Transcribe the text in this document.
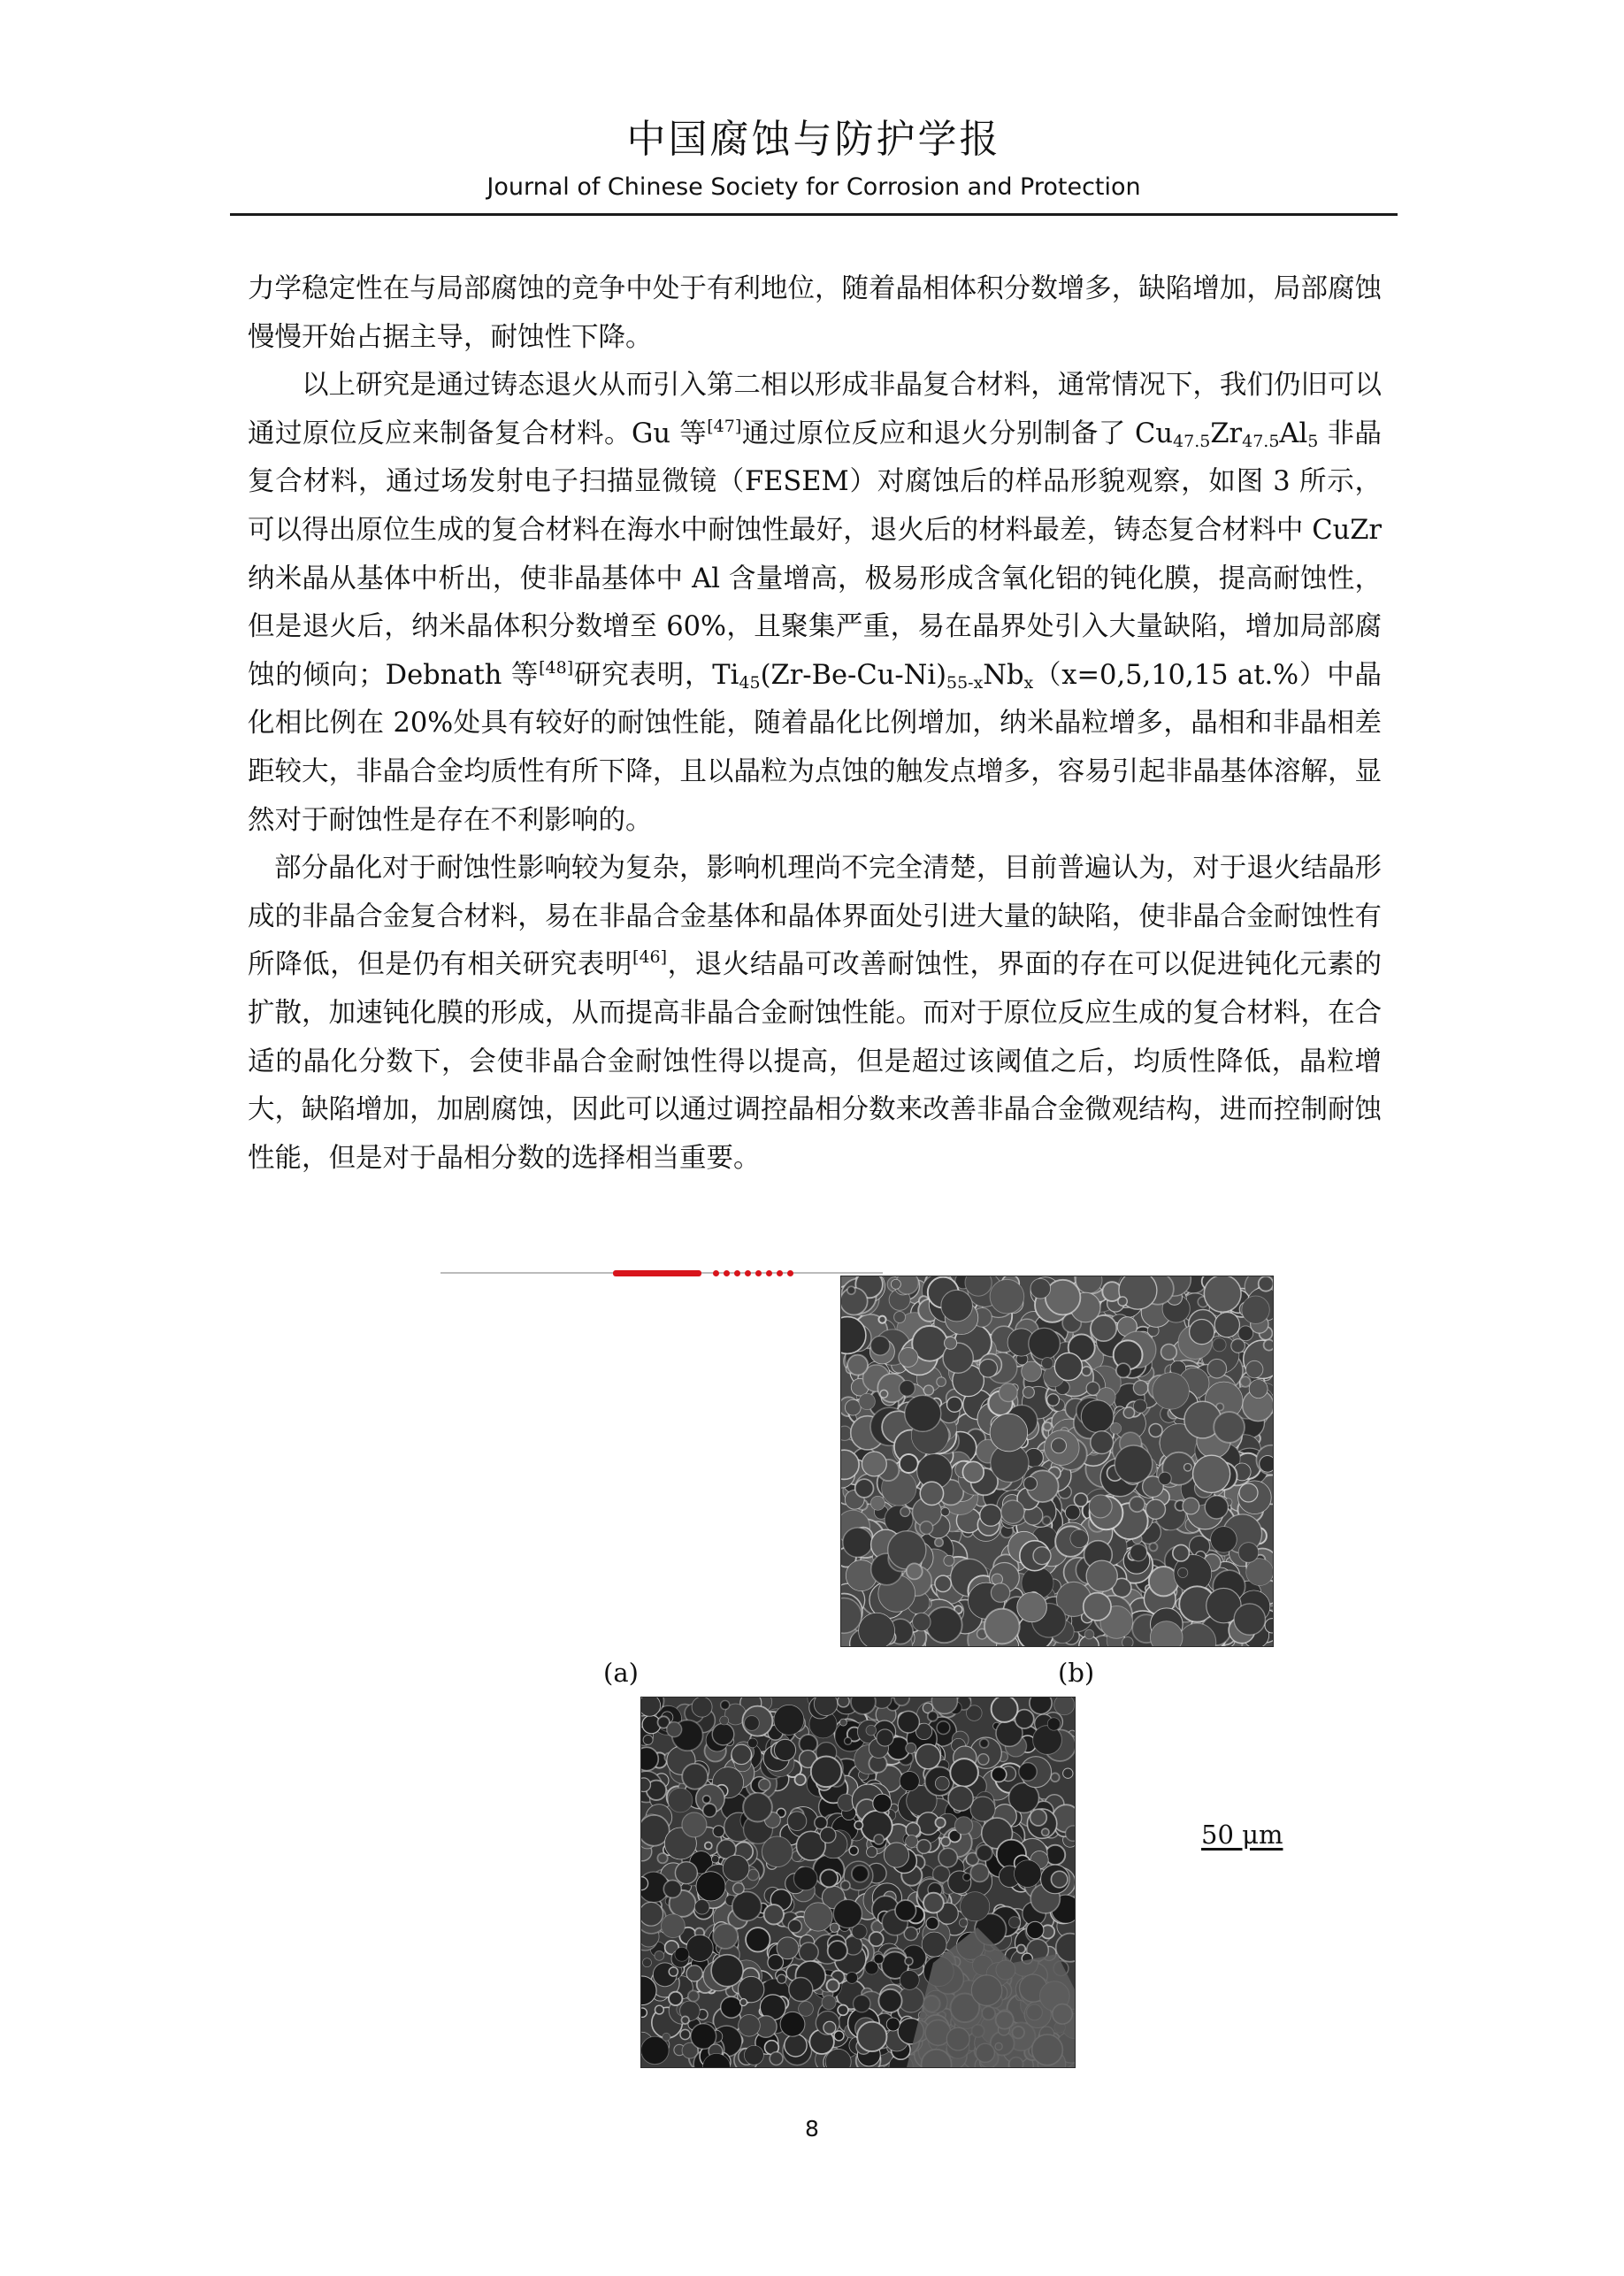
中国腐蚀与防护学报
Journal of Chinese Society for Corrosion and Protection

力学稳定性在与局部腐蚀的竞争中处于有利地位，随着晶相体积分数增多，缺陷增加，局部腐蚀慢慢开始占据主导，耐蚀性下降。

以上研究是通过铸态退火从而引入第二相以形成非晶复合材料，通常情况下，我们仍旧可以通过原位反应来制备复合材料。Gu 等[47]通过原位反应和退火分别制备了 $Cu_{47.5}Zr_{47.5}Al_5$ 非晶复合材料，通过场发射电子扫描显微镜（FESEM）对腐蚀后的样品形貌观察，如图 3 所示，可以得出原位生成的复合材料在海水中耐蚀性最好，退火后的材料最差，铸态复合材料中 CuZr 纳米晶从基体中析出，使非晶基体中 Al 含量增高，极易形成含氧化铝的钝化膜，提高耐蚀性，但是退火后，纳米晶体积分数增至 60%，且聚集严重，易在晶界处引入大量缺陷，增加局部腐蚀的倾向；Debnath 等[48]研究表明，$Ti_{45}(Zr-Be-Cu-Ni)_{55-x}Nb_x(x=0,5,10,15$ at.%）中晶化相比例在 20%处具有较好的耐蚀性能，随着晶化比例增加，纳米晶粒增多，晶相和非晶相差距较大，非晶合金均质性有所下降，且以晶粒为点蚀的触发点增多，容易引起非晶基体溶解，显然对于耐蚀性是存在不利影响的。

部分晶化对于耐蚀性影响较为复杂，影响机理尚不完全清楚，目前普遍认为，对于退火结晶形成的非晶合金复合材料，易在非晶合金基体和晶体界面处引进大量的缺陷，使非晶合金耐蚀性有所降低，但是仍有相关研究表明[46]，退火结晶可改善耐蚀性，界面的存在可以促进钝化元素的扩散，加速钝化膜的形成，从而提高非晶合金耐蚀性能。而对于原位反应生成的复合材料，在合适的晶化分数下，会使非晶合金耐蚀性得以提高，但是超过该阈值之后，均质性降低，晶粒增大，缺陷增加，加剧腐蚀，因此可以通过调控晶相分数来改善非晶合金微观结构，进而控制耐蚀性能，但是对于晶相分数的选择相当重要。

(a)	(b)
50 μm
8
